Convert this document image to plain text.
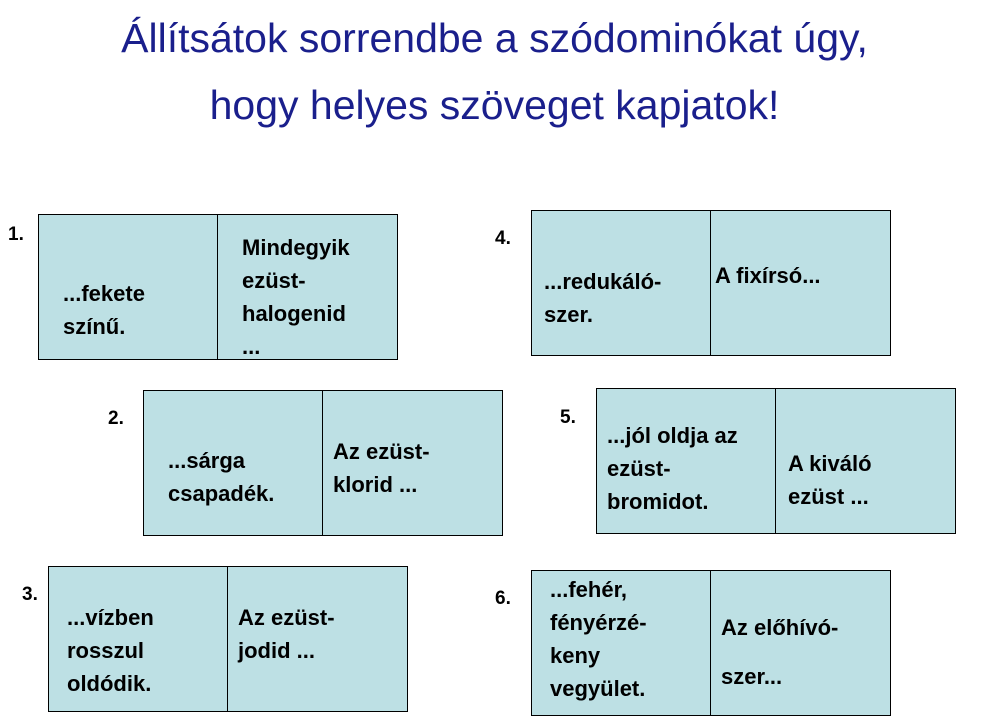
Állítsátok sorrendbe a szódominókat úgy,
hogy helyes szöveget kapjatok!
1.

...fekete
színű.

Mindegyik
ezüst-
halogenid
...

2.

...sárga
csapadék.

Az ezüst-
klorid ...

3.

...vízben
rosszul
oldódik.

Az ezüst-
jodid ...

4.

...redukáló-
szer.

A fixírsó...

5.

...jól oldja az
ezüst-
bromidot.

A kiváló
ezüst ...

6. ...fehér,
fényérzé-
keny
vegyület.

Az előhívó-
szer...
